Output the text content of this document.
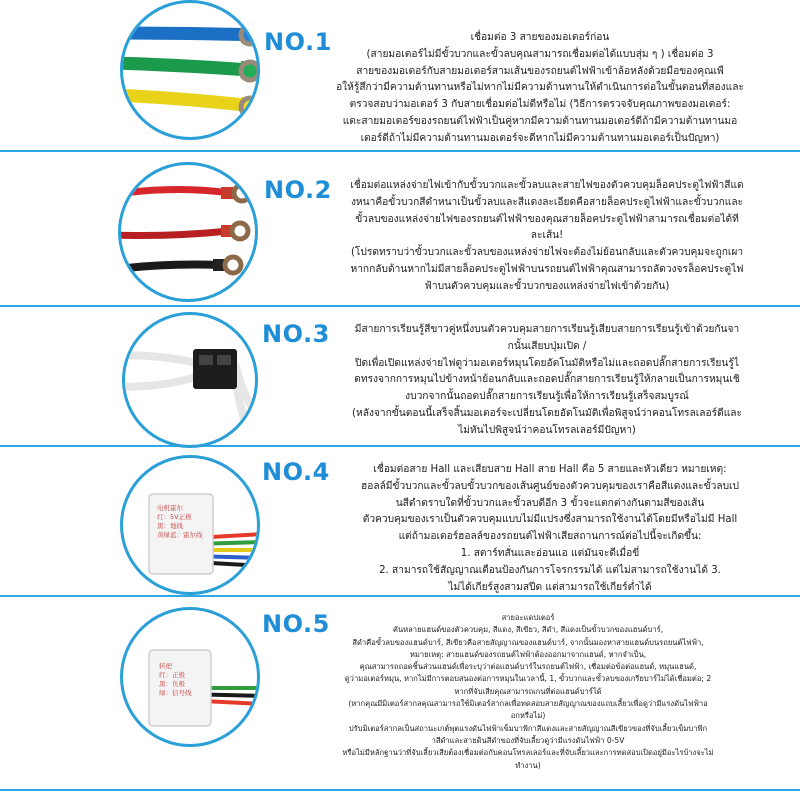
NO.1	เชื่อมต่อ 3 สายของมอเตอร์ก่อน

(สายมอเตอร์ไม่มีขั้วบวกและขั้วลบคุณสามารถเชื่อมต่อได้แบบสุ่ม ๆ ) เชื่อมต่อ 3

สายของมอเตอร์กับสายมอเตอร์สามเส้นของรถยนต์ไฟฟ้าเข้าล้อหลังด้วยมือของคุณเพื

อให้รู้สึกว่ามีความต้านทานหรือไม่หากไม่มีความต้านทานให้ดำเนินการต่อในขั้นตอนที่สองและ

ตรวจสอบว่ามอเตอร์ 3 กับสายเชื่อมต่อไม่ดีหรือไม่ (วิธีการตรวจจับคุณภาพของมอเตอร์:

แตะสายมอเตอร์ของรถยนต์ไฟฟ้าเป็นคู่หากมีความต้านทานมอเตอร์ดีถ้ามีความต้านทานมอ

เตอร์ดีถ้าไม่มีความต้านทานมอเตอร์จะดีหากไม่มีความต้านทานมอเตอร์เป็นปัญหา)

NO.2	เชื่อมต่อแหล่งจ่ายไฟเข้ากับขั้วบวกและขั้วลบและสายไฟของตัวควบคุมล็อคประตูไฟฟ้าสีแด

งหนาคือขั้วบวกสีดำหนาเป็นขั้วลบและสีแดงละเอียดคือสายล็อคประตูไฟฟ้าและขั้วบวกและ

ขั้วลบของแหล่งจ่ายไฟของรถยนต์ไฟฟ้าของคุณสายล็อคประตูไฟฟ้าสามารถเชื่อมต่อได้ที

ละเส้น!

(โปรดทราบว่าขั้วบวกและขั้วลบของแหล่งจ่ายไฟจะต้องไม่ย้อนกลับและตัวควบคุมจะถูกเผา

หากกลับด้านหากไม่มีสายล็อคประตูไฟฟ้าบนรถยนต์ไฟฟ้าคุณสามารถลัดวงจรล็อคประตูไฟ

ฟ้าบนตัวควบคุมและขั้วบวกของแหล่งจ่ายไฟเข้าด้วยกัน)

NO.3	มีสายการเรียนรู้สีขาวคู่หนึ่งบนตัวควบคุมสายการเรียนรู้เสียบสายการเรียนรู้เข้าด้วยกันจา

กนั้นเสียบปุ่มเปิด /

ปิดเพื่อเปิดแหล่งจ่ายไฟดูว่ามอเตอร์หมุนโดยอัตโนมัติหรือไม่และถอดปลั๊กสายการเรียนรู้ไ

ดทรงจากการหมุนไปข้างหน้าย้อนกลับและถอดปลั๊กสายการเรียนรู้ให้กลายเป็นการหมุนเชิ

งบวกจากนั้นถอดปลั๊กสายการเรียนรู้เพื่อให้การเรียนรู้เสร็จสมบูรณ์

(หลังจากขั้นตอนนี้เสร็จสิ้นมอเตอร์จะเปลี่ยนโดยอัตโนมัติเพื่อพิสูจน์ว่าคอนโทรลเลอร์ดีและ

ไม่หันไปพิสูจน์ว่าคอนโทรลเลอร์มีปัญหา)

电机霍尔
红：5V正极
黑：地线
黄绿蓝：霍尔线
NO.4	เชื่อมต่อสาย Hall และเสียบสาย Hall สาย Hall คือ 5 สายและหัวเดียว หมายเหตุ:

ฮอลล์มีขั้วบวกและขั้วลบขั้วบวกของเส้นศูนย์ของตัวควบคุมของเราคือสีแดงและขั้วลบเป

นสีดำตราบใดที่ขั้วบวกและขั้วลบดีอีก 3 ขั้วจะแตกต่างกันตามสีของเส้น

ตัวควบคุมของเราเป็นตัวควบคุมแบบไม่มีแปรงซึ่งสามารถใช้งานได้โดยมีหรือไม่มี Hall

แต่ถ้ามอเตอร์ฮอลล์ของรถยนต์ไฟฟ้าเสียสถานการณ์ต่อไปนี้จะเกิดขึ้น:

1. สตาร์ทสั่นและอ่อนแอ แต่มันจะดีเมื่อขี่

2. สามารถใช้สัญญาณเตือนป้องกันการโจรกรรมได้ แต่ไม่สามารถใช้งานได้ 3.

ไม่ได้เกียร์สูงสามสปีด แต่สามารถใช้เกียร์ต่ำได้

转把
红：正极
黑：负极
绿：信号线
NO.5	สายอะแดปเตอร์

คันหลายแฮนด์ของตัวควบคุม, สีแดง, สีเขียว, สีดำ, สีแดงเป็นขั้วบวกของแฮนด์บาร์,

สีดำคือขั้วลบของแฮนด์บาร์, สีเขียวคือสายสัญญาณของแฮนด์บาร์, จากนั้นมองหาสายแฮนด์บนรถยนต์ไฟฟ้า,

หมายเหตุ: สายแฮนด์ของรถยนต์ไฟฟ้าต้องออกมาจากแฮนด์, หากจำเป็น,

คุณสามารถถอดชิ้นส่วนแฮนด์เพื่อระบุว่าต่อแฮนด์บาร์ในรถยนต์ไฟฟ้า, เชื่อมต่อข้อต่อแฮนด์, หมุนแฮนด์,

ดูว่ามอเตอร์หมุน, หากไม่มีการตอบสนองต่อการหมุนในเวลานี้, 1, ขั้วบวกและขั้วลบของเกรียบาร์ไม่ได้เชื่อมต่อ; 2

หากที่จับเสียคุณสามารถเกนที่ต่อแฮนด์บาร์ได้

(หากคุณมีมิเตอร์สากลคุณสามารถใช้มิเตอร์สากลเพื่อทดสอบสายสัญญาณของแถบเลี้ยวเพื่อดูว่ามีแรงดันไฟฟ้าอ

อกหรือไม่)

ปรับมิเตอร์สากลเป็นสถานะเกต์พุตแรงดันไฟฟ้าเข็มบาพีกาสีแดงและสายสัญญาณสีเขียวของที่จับเลี้ยวเข็มบาพีก

าสีดำและสายดินสีดำของที่จับเลี้ยวดูว่ามีแรงดันไฟฟ้า 0-5V

หรือไม่มีหลักฐานว่าที่จับเลี้ยวเสียต้องเชื่อมต่อกับคอนโทรลเลอร์และที่จับเลี้ยวและการทดสอบเปิดอยู่มีอะไรบ้างจะไม่

ทำงาน)
